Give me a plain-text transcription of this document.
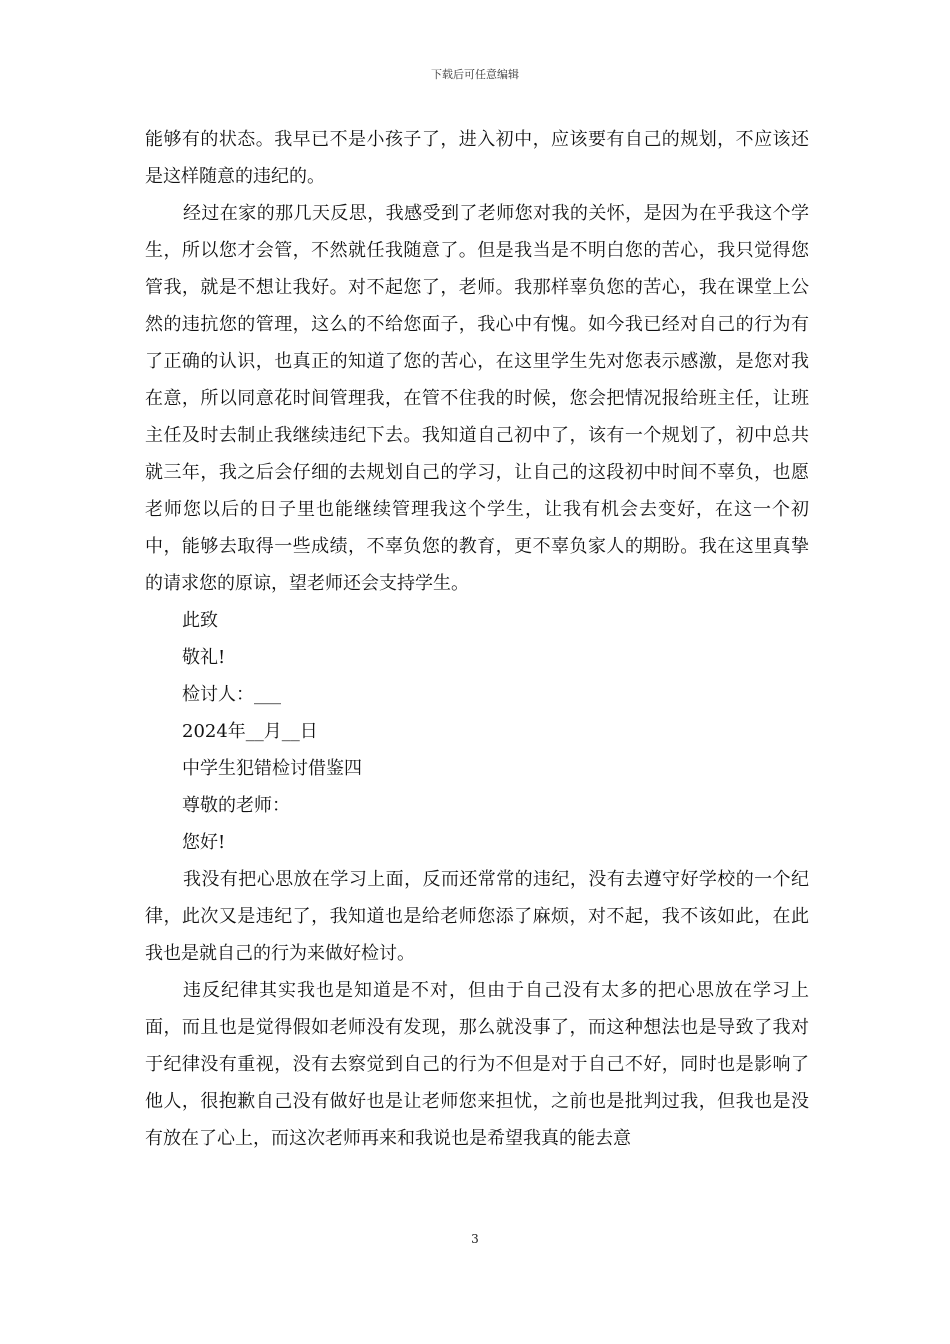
下载后可任意编辑

能够有的状态。我早已不是小孩子了，进入初中，应该要有自己的规划，不应该还是这样随意的违纪的。

经过在家的那几天反思，我感受到了老师您对我的关怀，是因为在乎我这个学生，所以您才会管，不然就任我随意了。但是我当是不明白您的苦心，我只觉得您管我，就是不想让我好。对不起您了，老师。我那样辜负您的苦心，我在课堂上公然的违抗您的管理，这么的不给您面子，我心中有愧。如今我已经对自己的行为有了正确的认识，也真正的知道了您的苦心，在这里学生先对您表示感激，是您对我在意，所以同意花时间管理我，在管不住我的时候，您会把情况报给班主任，让班主任及时去制止我继续违纪下去。我知道自己初中了，该有一个规划了，初中总共就三年，我之后会仔细的去规划自己的学习，让自己的这段初中时间不辜负，也愿老师您以后的日子里也能继续管理我这个学生，让我有机会去变好，在这一个初中，能够去取得一些成绩，不辜负您的教育，更不辜负家人的期盼。我在这里真挚的请求您的原谅，望老师还会支持学生。

此致

敬礼!

检讨人：___

2024年__月__日

中学生犯错检讨借鉴四

尊敬的老师：

您好!

我没有把心思放在学习上面，反而还常常的违纪，没有去遵守好学校的一个纪律，此次又是违纪了，我知道也是给老师您添了麻烦，对不起，我不该如此，在此我也是就自己的行为来做好检讨。

违反纪律其实我也是知道是不对，但由于自己没有太多的把心思放在学习上面，而且也是觉得假如老师没有发现，那么就没事了，而这种想法也是导致了我对于纪律没有重视，没有去察觉到自己的行为不但是对于自己不好，同时也是影响了他人，很抱歉自己没有做好也是让老师您来担忧，之前也是批判过我，但我也是没有放在了心上，而这次老师再来和我说也是希望我真的能去意

3
